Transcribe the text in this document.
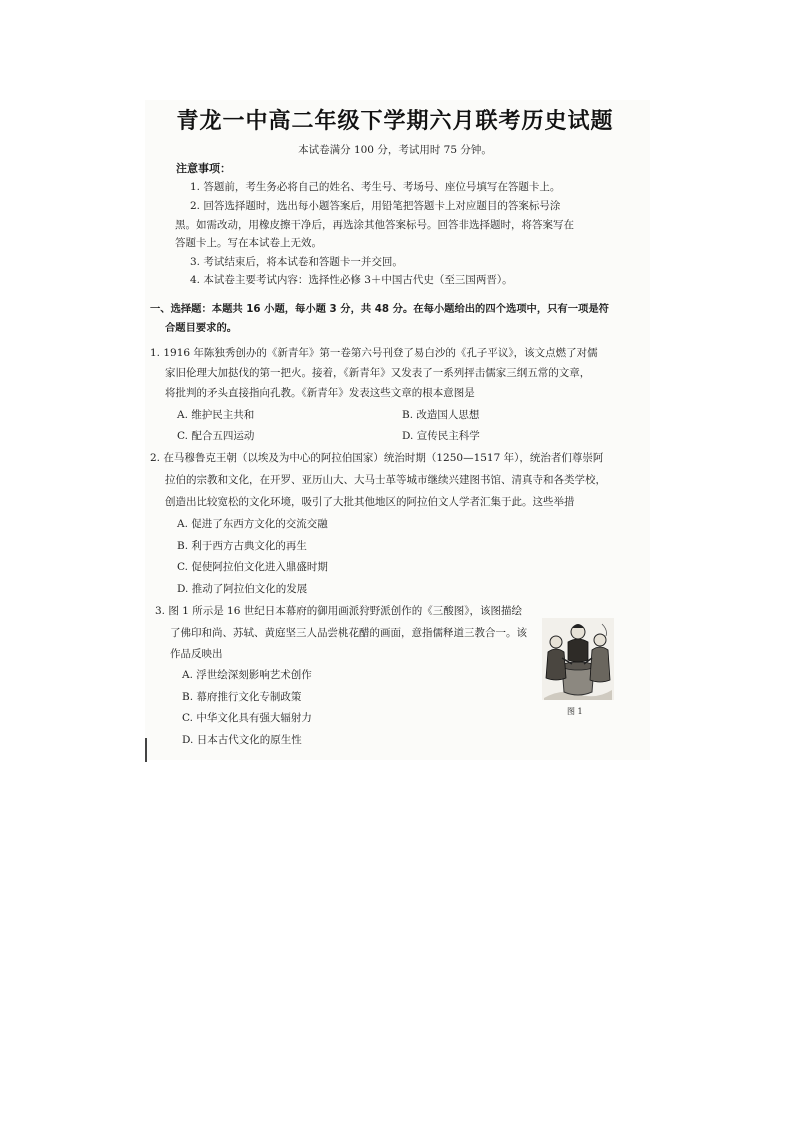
青龙一中高二年级下学期六月联考历史试题
本试卷满分 100 分，考试用时 75 分钟。
注意事项：
1. 答题前，考生务必将自己的姓名、考生号、考场号、座位号填写在答题卡上。
2. 回答选择题时，选出每小题答案后，用铅笔把答题卡上对应题目的答案标号涂
黑。如需改动，用橡皮擦干净后，再选涂其他答案标号。回答非选择题时，将答案写在
答题卡上。写在本试卷上无效。
3. 考试结束后，将本试卷和答题卡一并交回。
4. 本试卷主要考试内容：选择性必修 3＋中国古代史（至三国两晋）。
一、选择题：本题共 16 小题，每小题 3 分，共 48 分。在每小题给出的四个选项中，只有一项是符
合题目要求的。
1. 1916 年陈独秀创办的《新青年》第一卷第六号刊登了易白沙的《孔子平议》，该文点燃了对儒
家旧伦理大加挞伐的第一把火。接着，《新青年》又发表了一系列抨击儒家三纲五常的文章，
将批判的矛头直接指向孔教。《新青年》发表这些文章的根本意图是
A. 维护民主共和	B. 改造国人思想
C. 配合五四运动	D. 宣传民主科学
2. 在马穆鲁克王朝（以埃及为中心的阿拉伯国家）统治时期（1250—1517 年），统治者们尊崇阿
拉伯的宗教和文化，在开罗、亚历山大、大马士革等城市继续兴建图书馆、清真寺和各类学校，
创造出比较宽松的文化环境，吸引了大批其他地区的阿拉伯文人学者汇集于此。这些举措
A. 促进了东西方文化的交流交融
B. 利于西方古典文化的再生
C. 促使阿拉伯文化进入鼎盛时期
D. 推动了阿拉伯文化的发展
3. 图 1 所示是 16 世纪日本幕府的御用画派狩野派创作的《三酸图》，该图描绘
了佛印和尚、苏轼、黄庭坚三人品尝桃花醋的画面，意指儒释道三教合一。该
作品反映出
A. 浮世绘深刻影响艺术创作
B. 幕府推行文化专制政策
C. 中华文化具有强大辐射力
D. 日本古代文化的原生性
图 1
